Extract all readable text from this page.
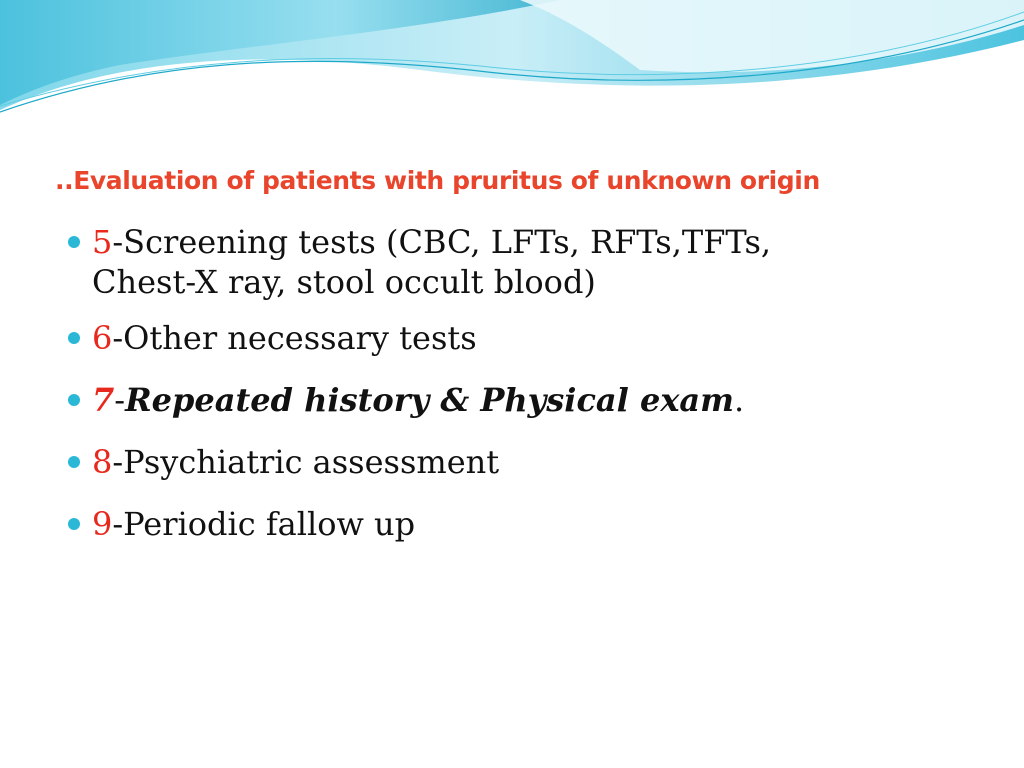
..Evaluation of patients with pruritus of unknown origin
5-Screening tests (CBC, LFTs, RFTs,TFTs,
Chest-X ray, stool occult blood)
6-Other necessary tests
7-Repeated history & Physical exam.
8-Psychiatric assessment
9-Periodic fallow up
